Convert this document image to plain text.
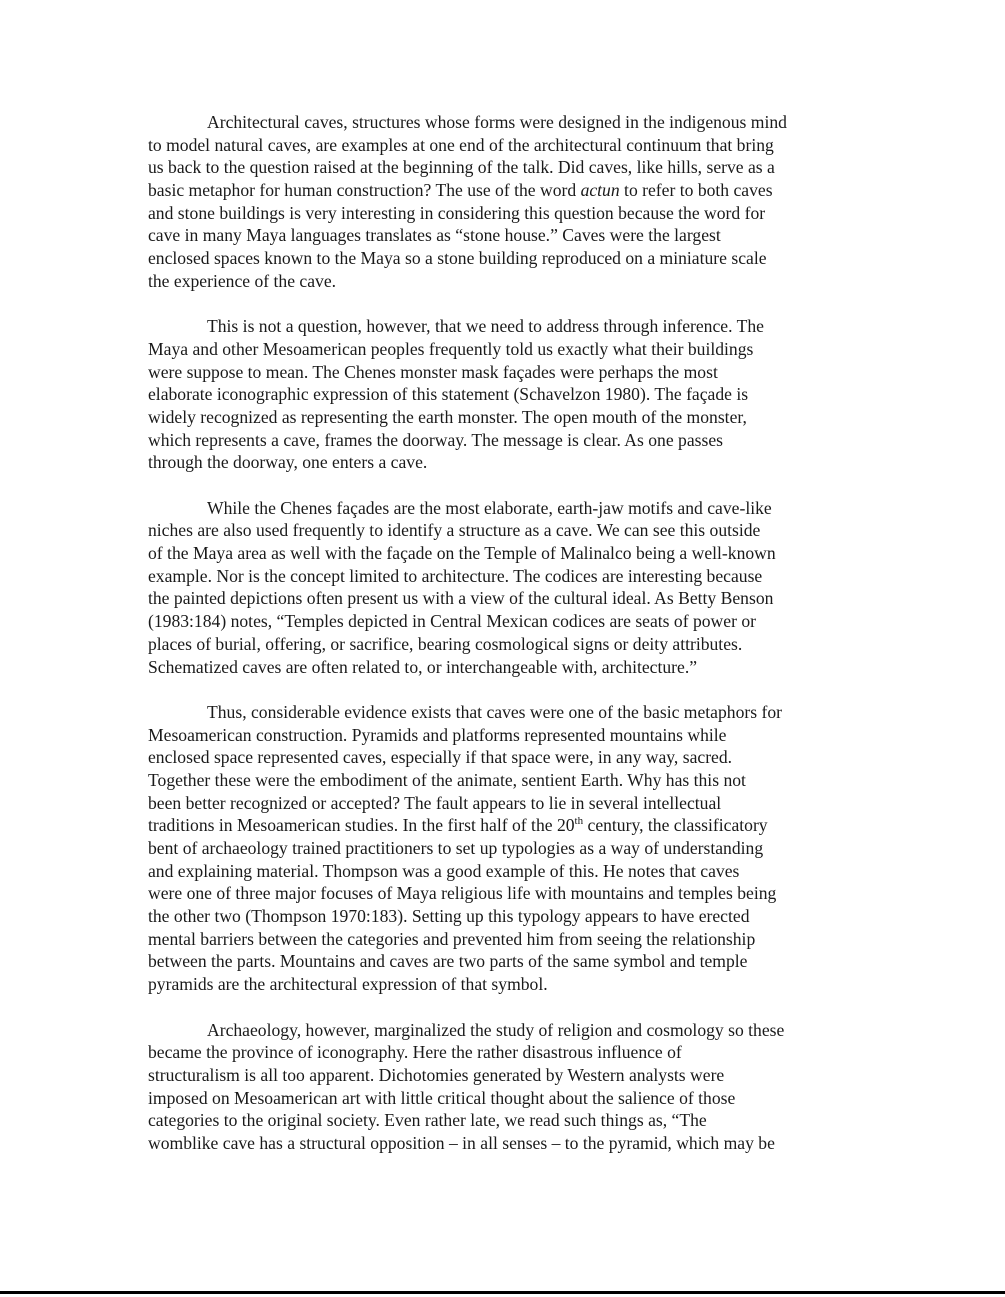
Architectural caves, structures whose forms were designed in the indigenous mind
to model natural caves, are examples at one end of the architectural continuum that bring
us back to the question raised at the beginning of the talk. Did caves, like hills, serve as a
basic metaphor for human construction? The use of the word actun to refer to both caves
and stone buildings is very interesting in considering this question because the word for
cave in many Maya languages translates as “stone house.” Caves were the largest
enclosed spaces known to the Maya so a stone building reproduced on a miniature scale
the experience of the cave.
This is not a question, however, that we need to address through inference. The
Maya and other Mesoamerican peoples frequently told us exactly what their buildings
were suppose to mean. The Chenes monster mask façades were perhaps the most
elaborate iconographic expression of this statement (Schavelzon 1980). The façade is
widely recognized as representing the earth monster. The open mouth of the monster,
which represents a cave, frames the doorway. The message is clear. As one passes
through the doorway, one enters a cave.
While the Chenes façades are the most elaborate, earth-jaw motifs and cave-like
niches are also used frequently to identify a structure as a cave. We can see this outside
of the Maya area as well with the façade on the Temple of Malinalco being a well-known
example. Nor is the concept limited to architecture. The codices are interesting because
the painted depictions often present us with a view of the cultural ideal. As Betty Benson
(1983:184) notes, “Temples depicted in Central Mexican codices are seats of power or
places of burial, offering, or sacrifice, bearing cosmological signs or deity attributes.
Schematized caves are often related to, or interchangeable with, architecture.”
Thus, considerable evidence exists that caves were one of the basic metaphors for
Mesoamerican construction. Pyramids and platforms represented mountains while
enclosed space represented caves, especially if that space were, in any way, sacred.
Together these were the embodiment of the animate, sentient Earth. Why has this not
been better recognized or accepted? The fault appears to lie in several intellectual
traditions in Mesoamerican studies. In the first half of the 20th century, the classificatory
bent of archaeology trained practitioners to set up typologies as a way of understanding
and explaining material. Thompson was a good example of this. He notes that caves
were one of three major focuses of Maya religious life with mountains and temples being
the other two (Thompson 1970:183). Setting up this typology appears to have erected
mental barriers between the categories and prevented him from seeing the relationship
between the parts. Mountains and caves are two parts of the same symbol and temple
pyramids are the architectural expression of that symbol.
Archaeology, however, marginalized the study of religion and cosmology so these
became the province of iconography. Here the rather disastrous influence of
structuralism is all too apparent. Dichotomies generated by Western analysts were
imposed on Mesoamerican art with little critical thought about the salience of those
categories to the original society. Even rather late, we read such things as, “The
womblike cave has a structural opposition – in all senses – to the pyramid, which may be
